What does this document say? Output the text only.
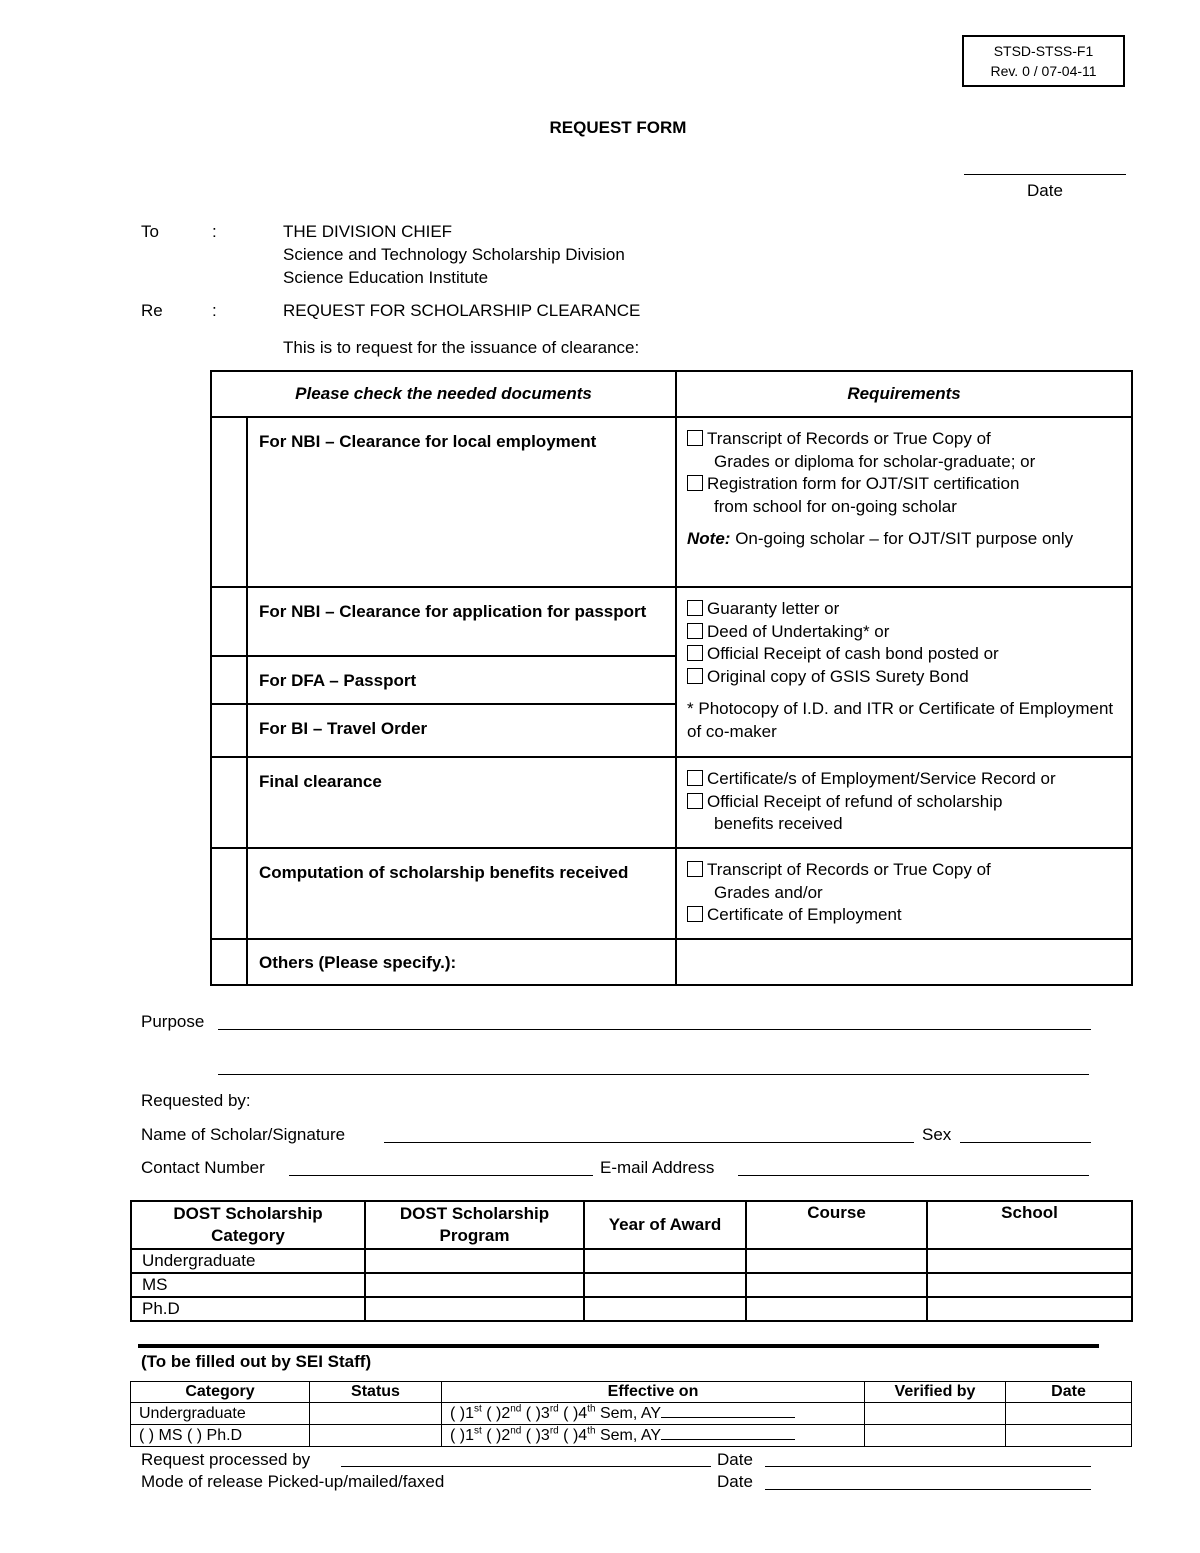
STSD-STSS-F1
Rev. 0 / 07-04-11
REQUEST FORM
Date
To	:	THE DIVISION CHIEF
Science and Technology Scholarship Division
Science Education Institute
Re	:	REQUEST FOR SCHOLARSHIP CLEARANCE
This is to request for the issuance of clearance:
Please check the needed documents		Requirements
	For NBI – Clearance for local employment	Transcript of Records or True Copy of
Grades or diploma for scholar-graduate; or
Registration form for OJT/SIT certification
from school for on-going scholar
Note: On-going scholar – for OJT/SIT purpose only

	For NBI – Clearance for application for passport	Guaranty letter or
Deed of Undertaking* or
Official Receipt of cash bond posted or
Original copy of GSIS Surety Bond
* Photocopy of I.D. and ITR or Certificate of Employment of co-maker

	For DFA – Passport	
	For BI – Travel Order	
	Final clearance	Certificate/s of Employment/Service Record or
Official Receipt of refund of scholarship
benefits received

	Computation of scholarship benefits received	Transcript of Records or True Copy of
Grades and/or
Certificate of Employment

	Others (Please specify.):	
Purpose
Requested by:
Name of Scholar/Signature	Sex
Contact Number	E-mail Address
DOST Scholarship Category	DOST Scholarship Program	Year of Award	Course	School
Undergraduate				
MS				
Ph.D				
(To be filled out by SEI Staff)
Category	Status	Effective on	Verified by	Date
Undergraduate		( )1st ( )2nd ( )3rd ( )4th Sem, AY		
( ) MS ( ) Ph.D		( )1st ( )2nd ( )3rd ( )4th Sem, AY		
Request processed by	Date
Mode of release Picked-up/mailed/faxed	Date
